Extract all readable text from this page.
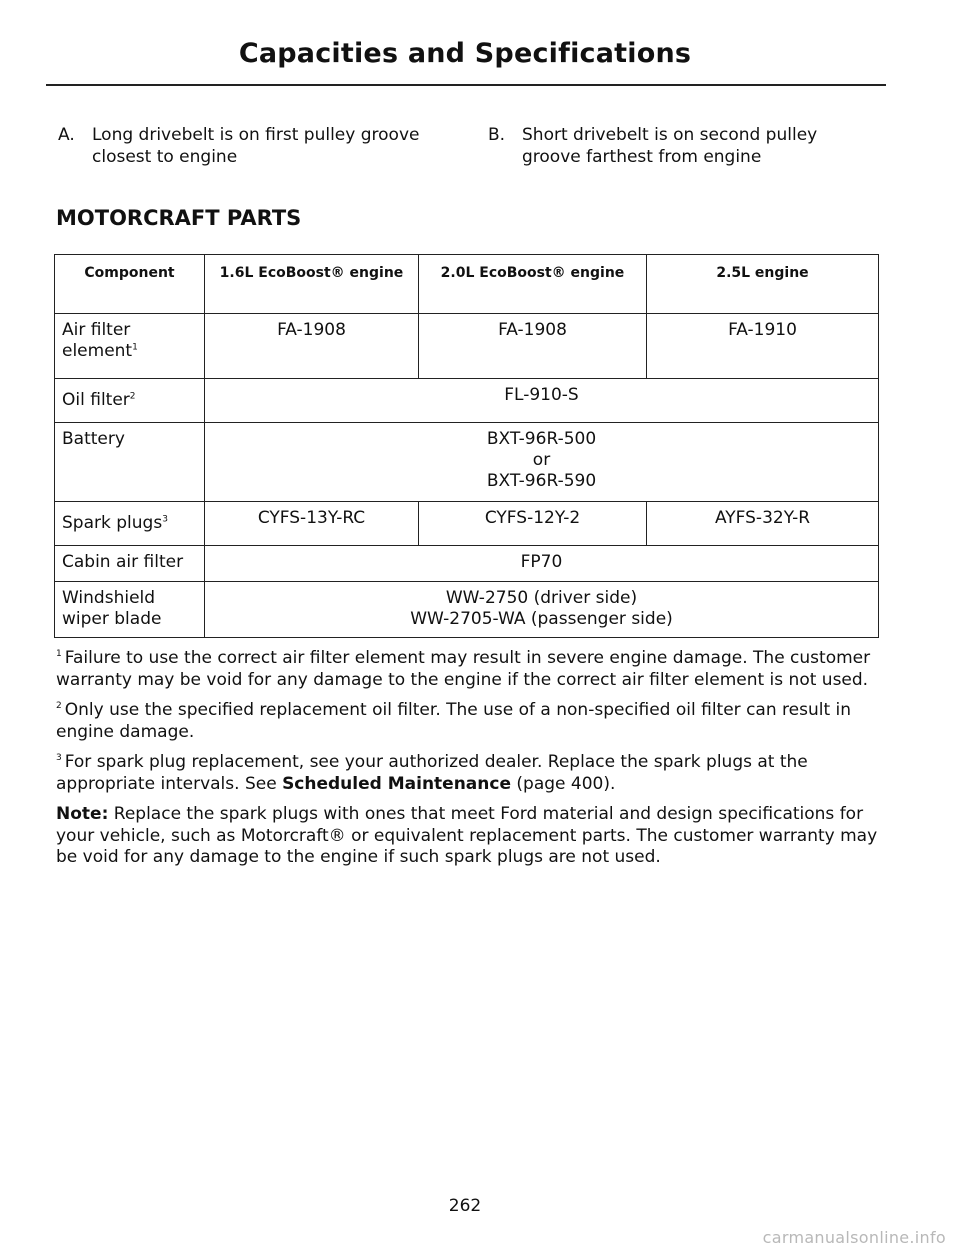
Capacities and Specifications
A.	Long drivebelt is on first pulley groove closest to engine
B. Short drivebelt is on second pulley groove farthest from engine
MOTORCRAFT PARTS
Component	1.6L EcoBoost® engine	2.0L EcoBoost® engine	2.5L engine
Air filter element$^1$	FA-1908	FA-1908	FA-1910
Oil filter$^2$	FL-910-S		
Battery	BXT-96R-500
or
BXT-96R-590		

Spark plugs$^3$	CYFS-13Y-RC	CYFS-12Y-2	AYFS-32Y-R
Cabin air filter	FP70		
Windshield wiper blade	WW-2750 (driver side)
WW-2705-WA (passenger side)		

$^1$ Failure to use the correct air filter element may result in severe engine damage. The customer warranty may be void for any damage to the engine if the correct air filter element is not used.

$^2$ Only use the specified replacement oil filter. The use of a non-specified oil filter can result in engine damage.

$^3$ For spark plug replacement, see your authorized dealer. Replace the spark plugs at the appropriate intervals. See Scheduled Maintenance (page 400).

Note: Replace the spark plugs with ones that meet Ford material and design specifications for your vehicle, such as Motorcraft® or equivalent replacement parts. The customer warranty may be void for any damage to the engine if such spark plugs are not used.

262
carmanualsonline.info
